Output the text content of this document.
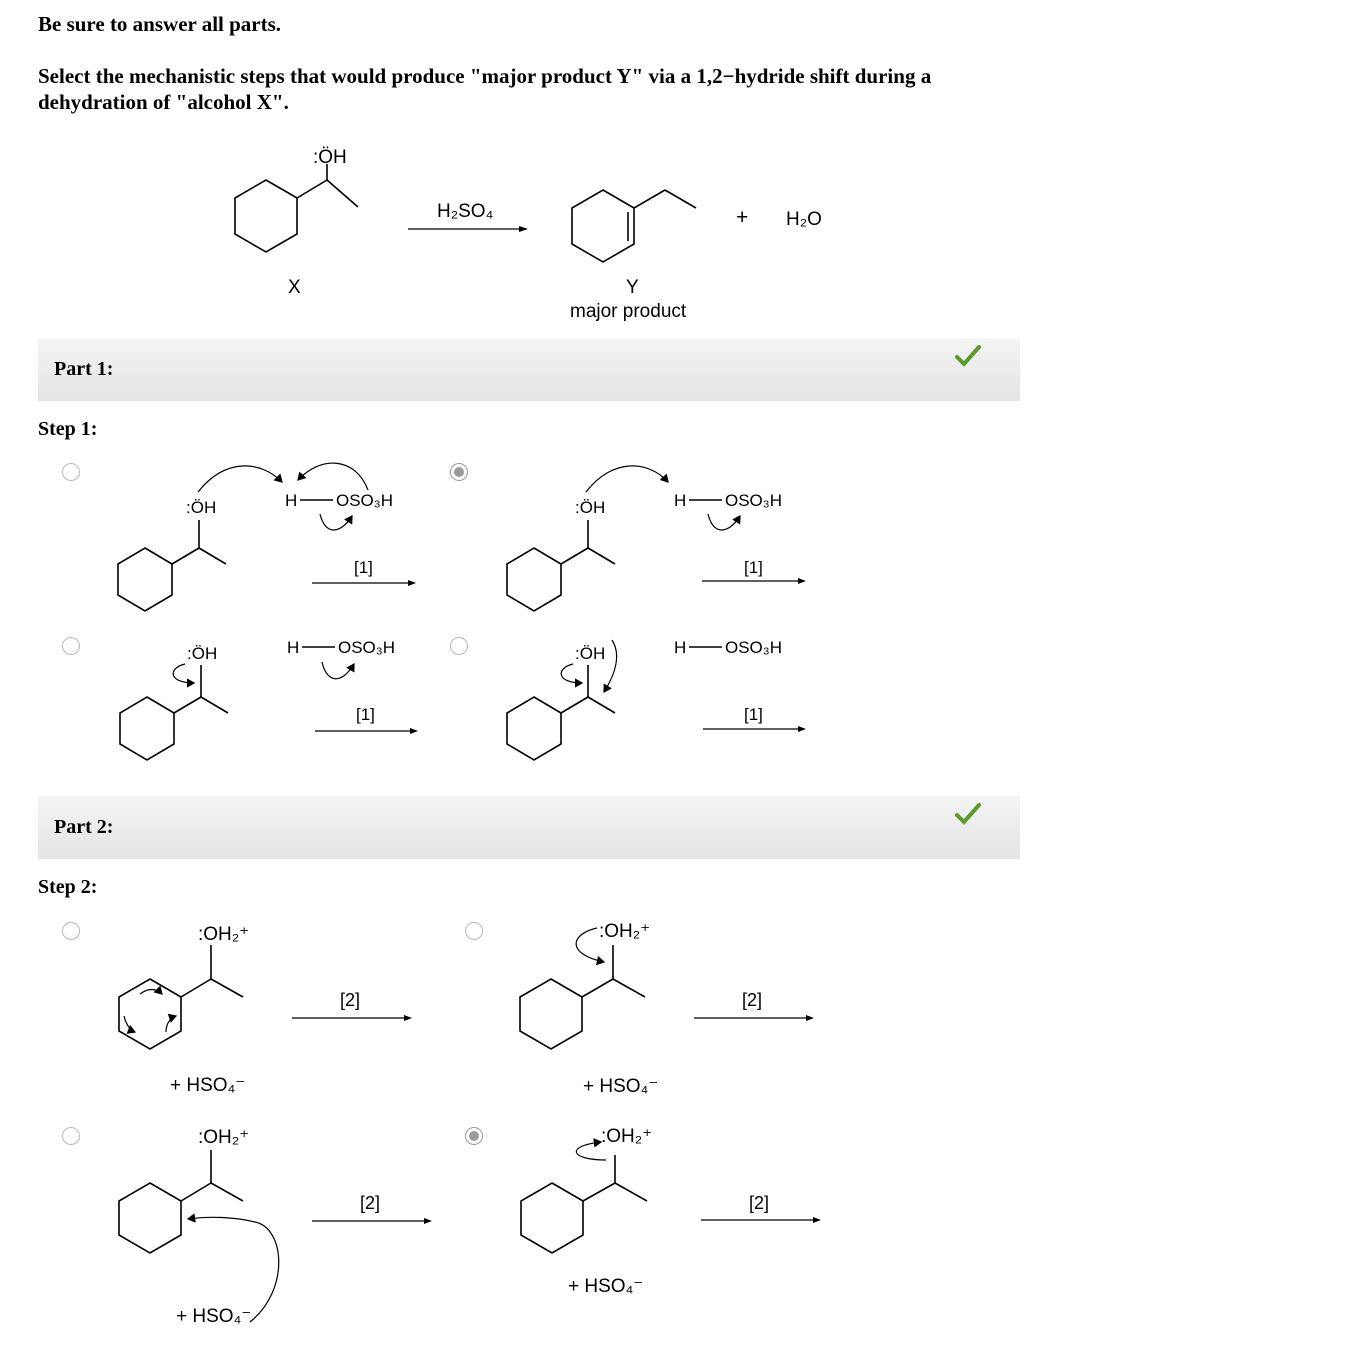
Be sure to answer all parts.
Select the mechanistic steps that would produce "major product Y" via a 1,2−hydride shift during a
dehydration of "alcohol X".
:ÖH
X
H₂SO₄
Y
major product
+ H₂O
Part 1:
Step 1:
:ÖH	H OSO₃H
[1]
:ÖH	H OSO₃H
[1]
:ÖH	H OSO₃H
[1]
:ÖH	H OSO₃H
[1]
Part 2:
Step 2:
:OH₂⁺
+ HSO₄⁻
[2]
:OH₂⁺
+ HSO₄⁻
[2]
:OH₂⁺
+ HSO₄⁻
[2]
:OH₂⁺
+ HSO₄⁻
[2]
